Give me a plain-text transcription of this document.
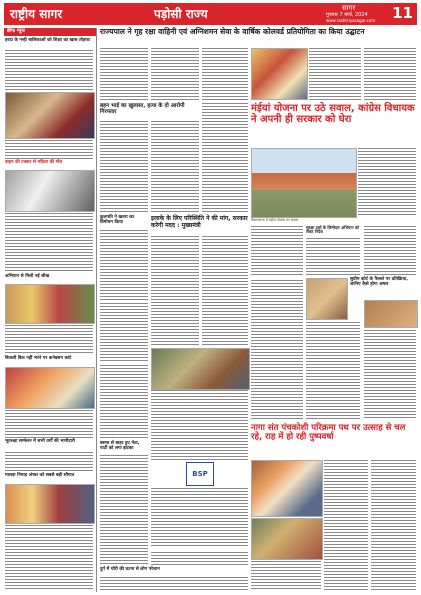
राष्ट्रीय सागर	पड़ोसी राज्य	सागर
गुरुवार 7 मार्च, 2024
www.rashtriyasagar.com 11
ब्रीफ न्यूज
हरदा के नन्ही बालिकाओं को शिक्षा का खास तोहफा
वाहन की टक्कर से महिला की मौत
अभियान से मिली नई सीख
बिजली बिल नहीं भरने पर कनेक्शन काटे
भूतल्क्षा सम्मेलन में सभी वर्गों की भागीदारी
मालवा निमाड़ अंचल को सबसे बड़ी सौगात
राज्यपाल ने गृह रक्षा वाहिनी एवं अग्निशमन सेवा के वार्षिक कोलवर्ड प्रतियोगिता का किया उद्घाटन
बहन भाई का खुलासा, हत्या के दो आरोपी गिरफ्तार	मंईयां योजना पर उठे सवाल, कांग्रेस विधायक ने अपनी ही सरकार को घेरा
विधानसभा में मंईयां योजना पर सवाल
कुलपति ने खतरा का विमोचन किया
इलाके के लिए परिस्थिति ने की मांग, सरकार करेगी मदद : मुख्यमंत्री	सुरक्षा दलों के जिम्मेदार अभियान को लेकर निर्देश
सुप्रीम कोर्ट के फैसले पर प्रतिक्रिया, जानिए कैसे होगा अमल
नागा संत पंचकोशी परिक्रमा पथ पर उत्साह से चल रहे, राह में हो रही पुष्पवर्षा
बसपा से बाहर हुए नेता, पार्टी को लगा झटका
BSP
दुर्ग में चोरी की घटना से लोग परेशान
